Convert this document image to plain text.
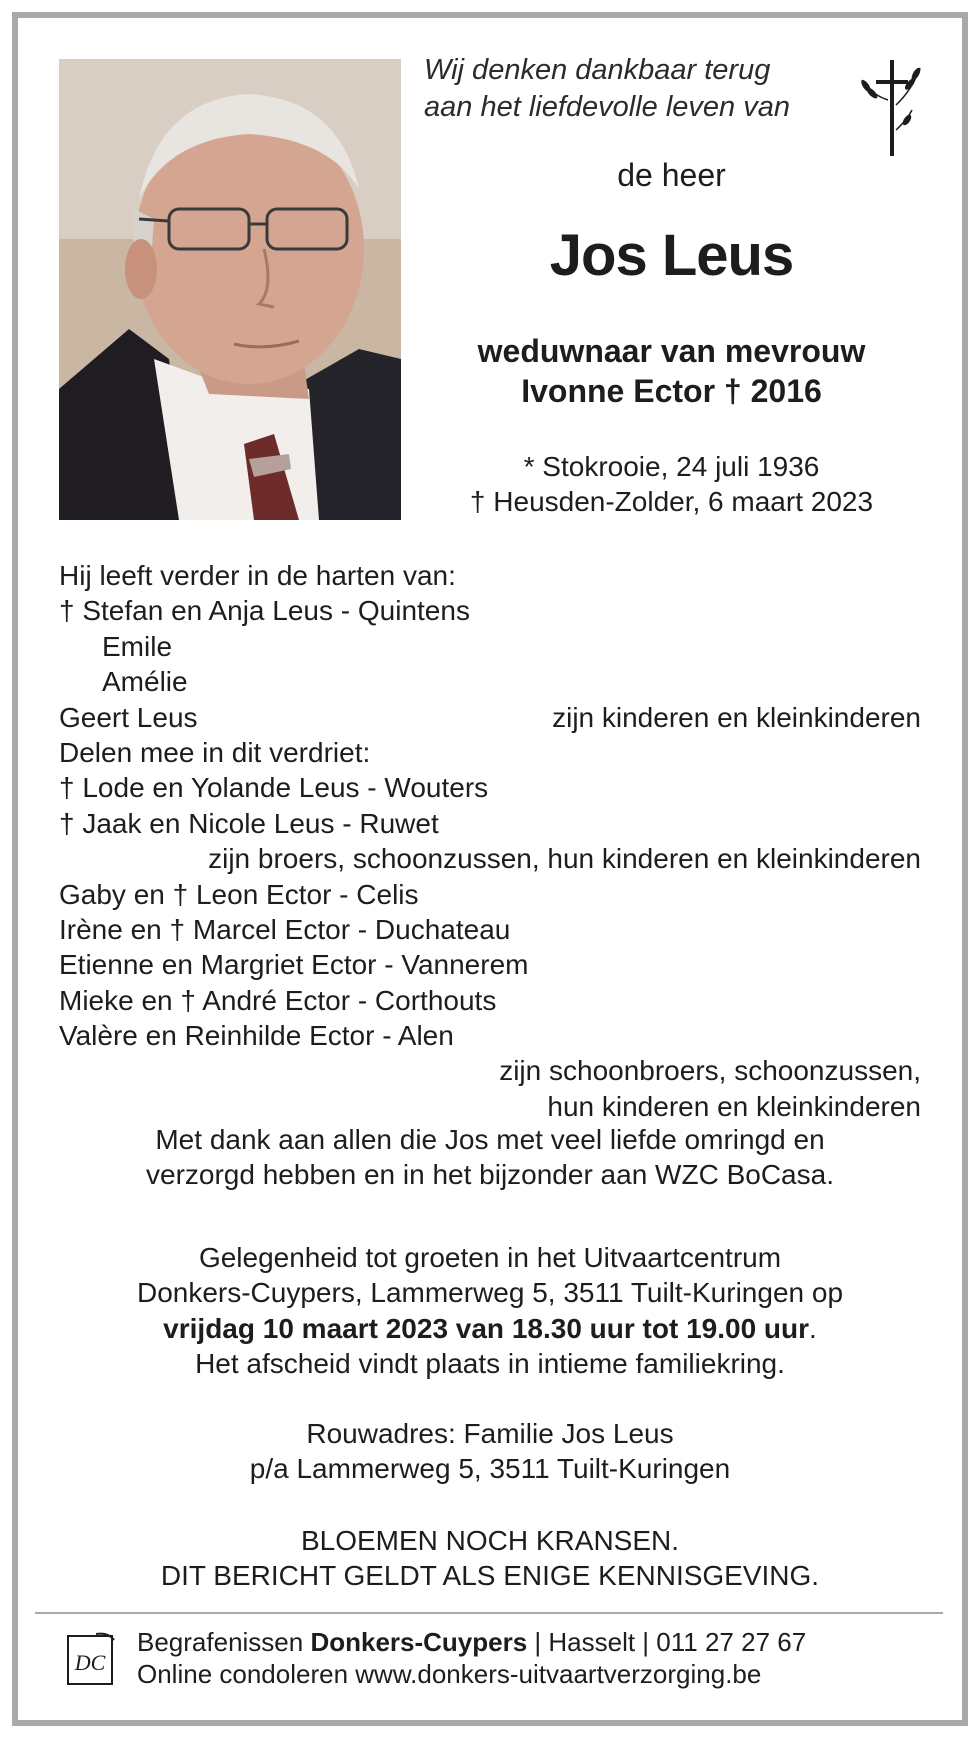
Wij denken dankbaar terug
aan het liefdevolle leven van
de heer
Jos Leus
weduwnaar van mevrouw
Ivonne Ector † 2016
* Stokrooie, 24 juli 1936
† Heusden-Zolder, 6 maart 2023
Hij leeft verder in de harten van:
† Stefan en Anja Leus - Quintens
Emile
Amélie
Geert Leus	zijn kinderen en kleinkinderen
Delen mee in dit verdriet:
† Lode en Yolande Leus - Wouters
† Jaak en Nicole Leus - Ruwet
zijn broers, schoonzussen, hun kinderen en kleinkinderen
Gaby en † Leon Ector - Celis
Irène en † Marcel Ector - Duchateau
Etienne en Margriet Ector - Vannerem
Mieke en † André Ector - Corthouts
Valère en Reinhilde Ector - Alen
zijn schoonbroers, schoonzussen,
hun kinderen en kleinkinderen
Met dank aan allen die Jos met veel liefde omringd en
verzorgd hebben en in het bijzonder aan WZC BoCasa.
Gelegenheid tot groeten in het Uitvaartcentrum
Donkers-Cuypers, Lammerweg 5, 3511 Tuilt-Kuringen op
vrijdag 10 maart 2023 van 18.30 uur tot 19.00 uur.
Het afscheid vindt plaats in intieme familiekring.
Rouwadres: Familie Jos Leus
p/a Lammerweg 5, 3511 Tuilt-Kuringen
BLOEMEN NOCH KRANSEN.
DIT BERICHT GELDT ALS ENIGE KENNISGEVING.
DC
Begrafenissen Donkers-Cuypers | Hasselt | 011 27 27 67
Online condoleren www.donkers-uitvaartverzorging.be
